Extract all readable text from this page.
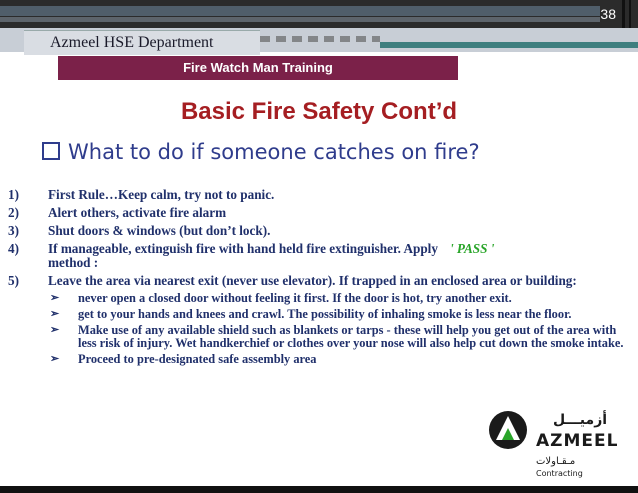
38
Azmeel HSE Department
Fire Watch Man Training
Basic Fire Safety Cont’d
What to do if someone catches on fire?
1)	First Rule…Keep calm, try not to panic.
2)	Alert others, activate fire alarm
3)	Shut doors & windows (but don’t lock).
4)	If manageable, extinguish fire with hand held fire extinguisher. Apply ' PASS '
method :
5)	Leave the area via nearest exit (never use elevator). If trapped in an enclosed area or building:
➢	never open a closed door without feeling it first. If the door is hot, try another exit.
➢	get to your hands and knees and crawl. The possibility of inhaling smoke is less near the floor.
➢	Make use of any available shield such as blankets or tarps - these will help you get out of the area with less risk of injury. Wet handkerchief or clothes over your nose will also help cut down the smoke intake.
➢	Proceed to pre-designated safe assembly area
أزميـــل
AZMEEL
مـقـاولات
Contracting
